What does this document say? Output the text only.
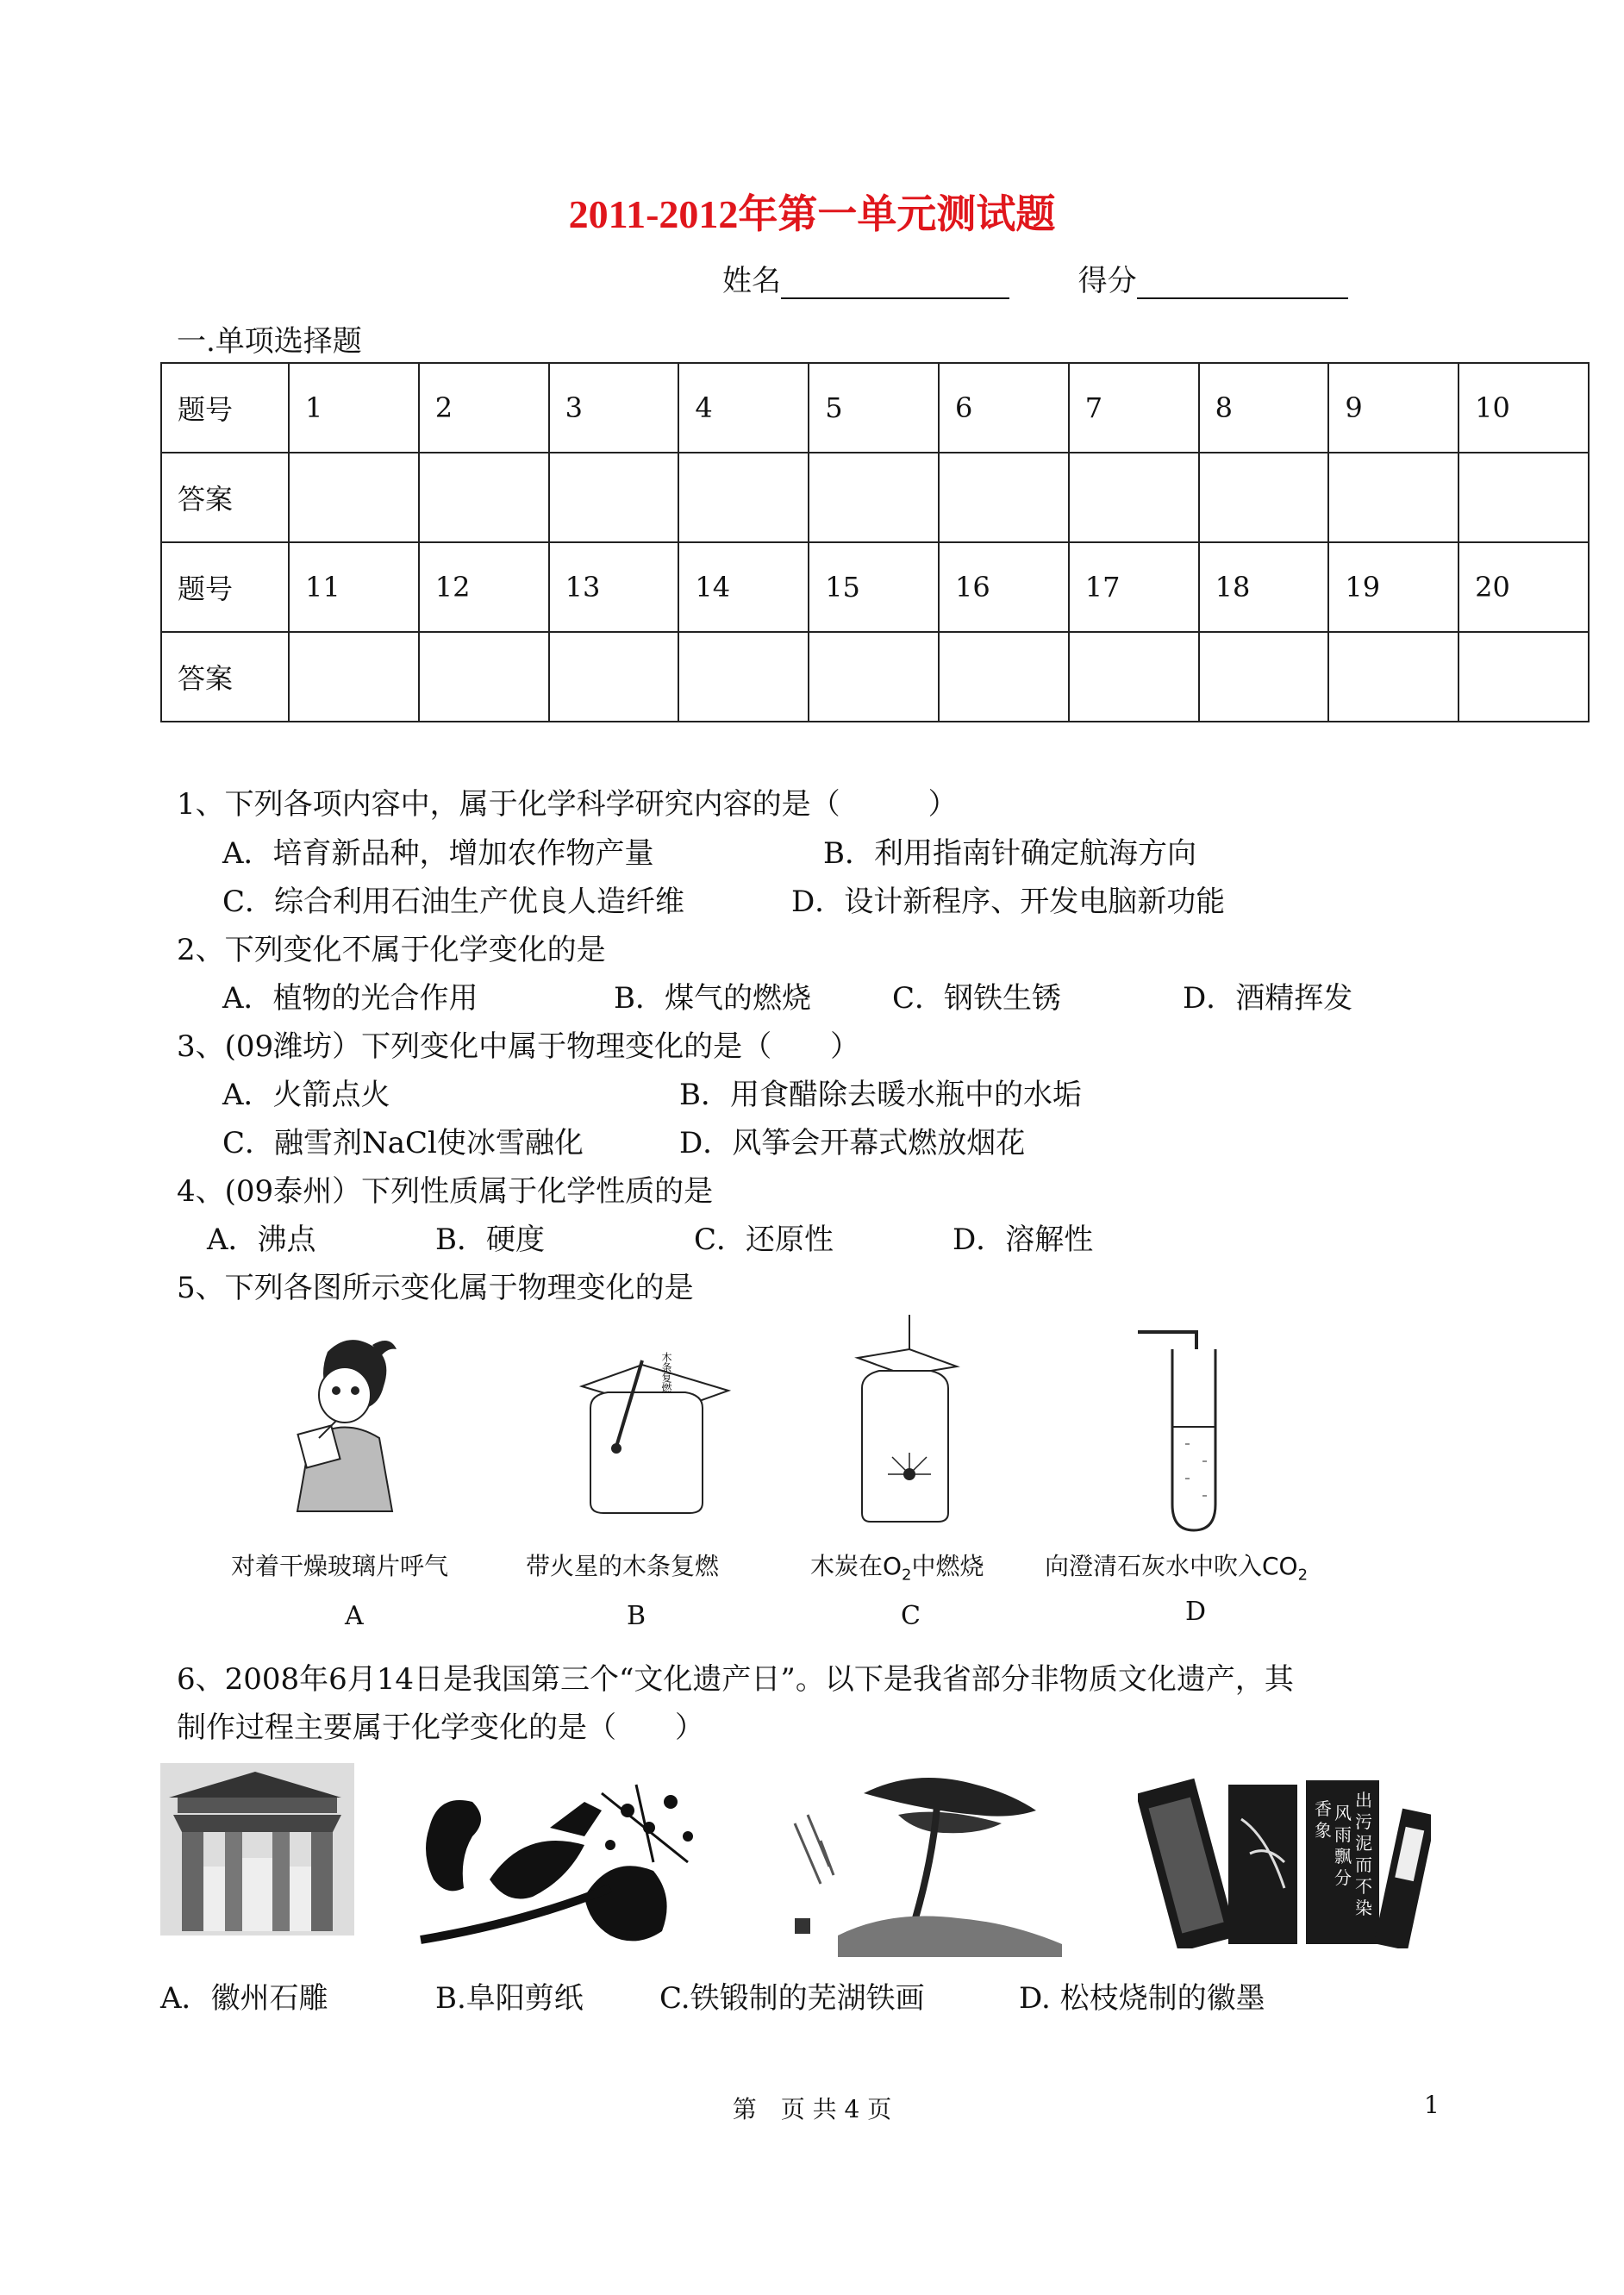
2011-2012年第一单元测试题
姓名	得分
一.单项选择题
题号	1	2	3	4	5	6	7	8	9	10
答案										
题号	11	12	13	14	15	16	17	18	19	20
答案										
1、下列各项内容中，属于化学科学研究内容的是（　　　）
A．培育新品种，增加农作物产量	B．利用指南针确定航海方向
C．综合利用石油生产优良人造纤维	D．设计新程序、开发电脑新功能
2、下列变化不属于化学变化的是
A．植物的光合作用	B．煤气的燃烧	C．钢铁生锈	D．酒精挥发
3、(09潍坊）下列变化中属于物理变化的是（　　）
A．火箭点火	B．用食醋除去暖水瓶中的水垢
C．融雪剂NaCl使冰雪融化	D．风筝会开幕式燃放烟花
4、(09泰州）下列性质属于化学性质的是
A．沸点	B．硬度	C．还原性	D．溶解性
5、下列各图所示变化属于物理变化的是
木条复燃
对着干燥玻璃片呼气	带火星的木条复燃	木炭在$O_2$中燃烧	向澄清石灰水中吹入$CO_2$
A	B	C	D
6、2008年6月14日是我国第三个“文化遗产日”。以下是我省部分非物质文化遗产，其
制作过程主要属于化学变化的是（　　）
出
污
泥
而
不
染
香
象
风
雨
飘
分
A．徽州石雕	B.阜阳剪纸	C.铁锻制的芜湖铁画	D. 松枝烧制的徽墨
第　页 共 4 页	1
